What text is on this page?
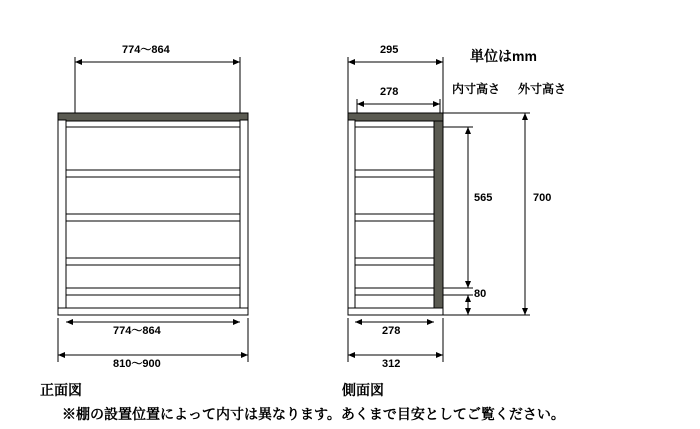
774〜864
774〜864
810〜900
295
278
278
312
565
80
700
単位はmm
内寸高さ 外寸高さ
正面図	側面図
※棚の設置位置によって内寸は異なります。あくまで目安としてご覧ください。
